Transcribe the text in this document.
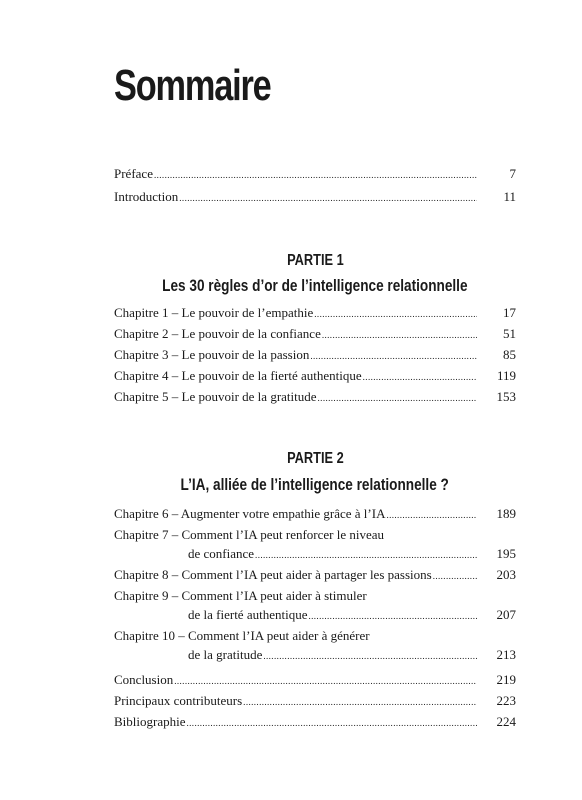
Sommaire
Préface .....	7
Introduction .....	11
PARTIE 1
Les 30 règles d’or de l’intelligence relationnelle
Chapitre 1 – Le pouvoir de l’empathie .....	17
Chapitre 2 – Le pouvoir de la confiance .....	51
Chapitre 3 – Le pouvoir de la passion .....	85
Chapitre 4 – Le pouvoir de la fierté authentique .....	119
Chapitre 5 – Le pouvoir de la gratitude .....	153
PARTIE 2
L’IA, alliée de l’intelligence relationnelle ?
Chapitre 6 – Augmenter votre empathie grâce à l’IA .....	189
Chapitre 7 – Comment l’IA peut renforcer le niveau
de confiance .....	195
Chapitre 8 – Comment l’IA peut aider à partager les passions .....	203
Chapitre 9 – Comment l’IA peut aider à stimuler
de la fierté authentique .....	207
Chapitre 10 – Comment l’IA peut aider à générer
de la gratitude .....	213
Conclusion .....	219
Principaux contributeurs .....	223
Bibliographie .....	224
